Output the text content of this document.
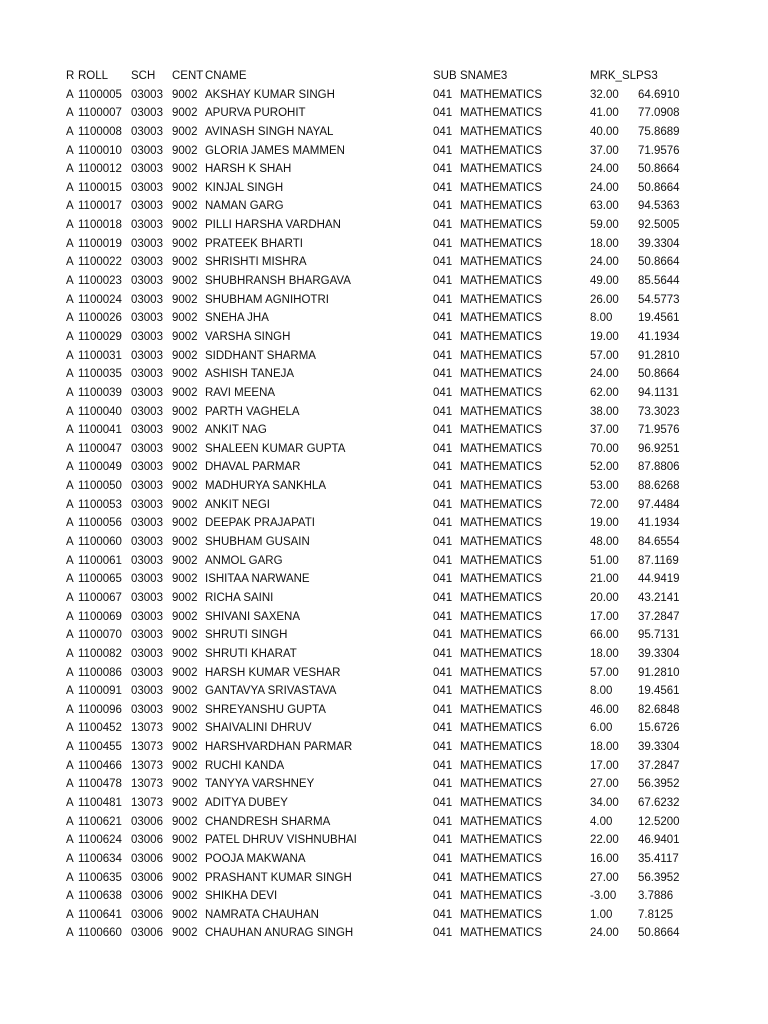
R ROLL SCH CENT CNAME	SUB SNAME3	MRK_SLPS3
A 1100005 03003 9002 AKSHAY KUMAR SINGH	041 MATHEMATICS	32.00 64.6910
A 1100007 03003 9002 APURVA PUROHIT	041 MATHEMATICS	41.00 77.0908
A 1100008 03003 9002 AVINASH SINGH NAYAL	041 MATHEMATICS	40.00 75.8689
A 1100010 03003 9002 GLORIA JAMES MAMMEN	041 MATHEMATICS	37.00 71.9576
A 1100012 03003 9002 HARSH K SHAH	041 MATHEMATICS	24.00 50.8664
A 1100015 03003 9002 KINJAL SINGH	041 MATHEMATICS	24.00 50.8664
A 1100017 03003 9002 NAMAN GARG	041 MATHEMATICS	63.00 94.5363
A 1100018 03003 9002 PILLI HARSHA VARDHAN	041 MATHEMATICS	59.00 92.5005
A 1100019 03003 9002 PRATEEK BHARTI	041 MATHEMATICS	18.00 39.3304
A 1100022 03003 9002 SHRISHTI MISHRA	041 MATHEMATICS	24.00 50.8664
A 1100023 03003 9002 SHUBHRANSH BHARGAVA	041 MATHEMATICS	49.00 85.5644
A 1100024 03003 9002 SHUBHAM AGNIHOTRI	041 MATHEMATICS	26.00 54.5773
A 1100026 03003 9002 SNEHA JHA	041 MATHEMATICS	8.00 19.4561
A 1100029 03003 9002 VARSHA SINGH	041 MATHEMATICS	19.00 41.1934
A 1100031 03003 9002 SIDDHANT SHARMA	041 MATHEMATICS	57.00 91.2810
A 1100035 03003 9002 ASHISH TANEJA	041 MATHEMATICS	24.00 50.8664
A 1100039 03003 9002 RAVI MEENA	041 MATHEMATICS	62.00 94.1131
A 1100040 03003 9002 PARTH VAGHELA	041 MATHEMATICS	38.00 73.3023
A 1100041 03003 9002 ANKIT NAG	041 MATHEMATICS	37.00 71.9576
A 1100047 03003 9002 SHALEEN KUMAR GUPTA	041 MATHEMATICS	70.00 96.9251
A 1100049 03003 9002 DHAVAL PARMAR	041 MATHEMATICS	52.00 87.8806
A 1100050 03003 9002 MADHURYA SANKHLA	041 MATHEMATICS	53.00 88.6268
A 1100053 03003 9002 ANKIT NEGI	041 MATHEMATICS	72.00 97.4484
A 1100056 03003 9002 DEEPAK PRAJAPATI	041 MATHEMATICS	19.00 41.1934
A 1100060 03003 9002 SHUBHAM GUSAIN	041 MATHEMATICS	48.00 84.6554
A 1100061 03003 9002 ANMOL GARG	041 MATHEMATICS	51.00 87.1169
A 1100065 03003 9002 ISHITAA NARWANE	041 MATHEMATICS	21.00 44.9419
A 1100067 03003 9002 RICHA SAINI	041 MATHEMATICS	20.00 43.2141
A 1100069 03003 9002 SHIVANI SAXENA	041 MATHEMATICS	17.00 37.2847
A 1100070 03003 9002 SHRUTI SINGH	041 MATHEMATICS	66.00 95.7131
A 1100082 03003 9002 SHRUTI KHARAT	041 MATHEMATICS	18.00 39.3304
A 1100086 03003 9002 HARSH KUMAR VESHAR	041 MATHEMATICS	57.00 91.2810
A 1100091 03003 9002 GANTAVYA SRIVASTAVA	041 MATHEMATICS	8.00 19.4561
A 1100096 03003 9002 SHREYANSHU GUPTA	041 MATHEMATICS	46.00 82.6848
A 1100452 13073 9002 SHAIVALINI DHRUV	041 MATHEMATICS	6.00 15.6726
A 1100455 13073 9002 HARSHVARDHAN PARMAR	041 MATHEMATICS	18.00 39.3304
A 1100466 13073 9002 RUCHI KANDA	041 MATHEMATICS	17.00 37.2847
A 1100478 13073 9002 TANYYA VARSHNEY	041 MATHEMATICS	27.00 56.3952
A 1100481 13073 9002 ADITYA DUBEY	041 MATHEMATICS	34.00 67.6232
A 1100621 03006 9002 CHANDRESH SHARMA	041 MATHEMATICS	4.00 12.5200
A 1100624 03006 9002 PATEL DHRUV VISHNUBHAI	041 MATHEMATICS	22.00 46.9401
A 1100634 03006 9002 POOJA MAKWANA	041 MATHEMATICS	16.00 35.4117
A 1100635 03006 9002 PRASHANT KUMAR SINGH	041 MATHEMATICS	27.00 56.3952
A 1100638 03006 9002 SHIKHA DEVI	041 MATHEMATICS	-3.00 3.7886
A 1100641 03006 9002 NAMRATA CHAUHAN	041 MATHEMATICS	1.00 7.8125
A 1100660 03006 9002 CHAUHAN ANURAG SINGH	041 MATHEMATICS	24.00 50.8664
